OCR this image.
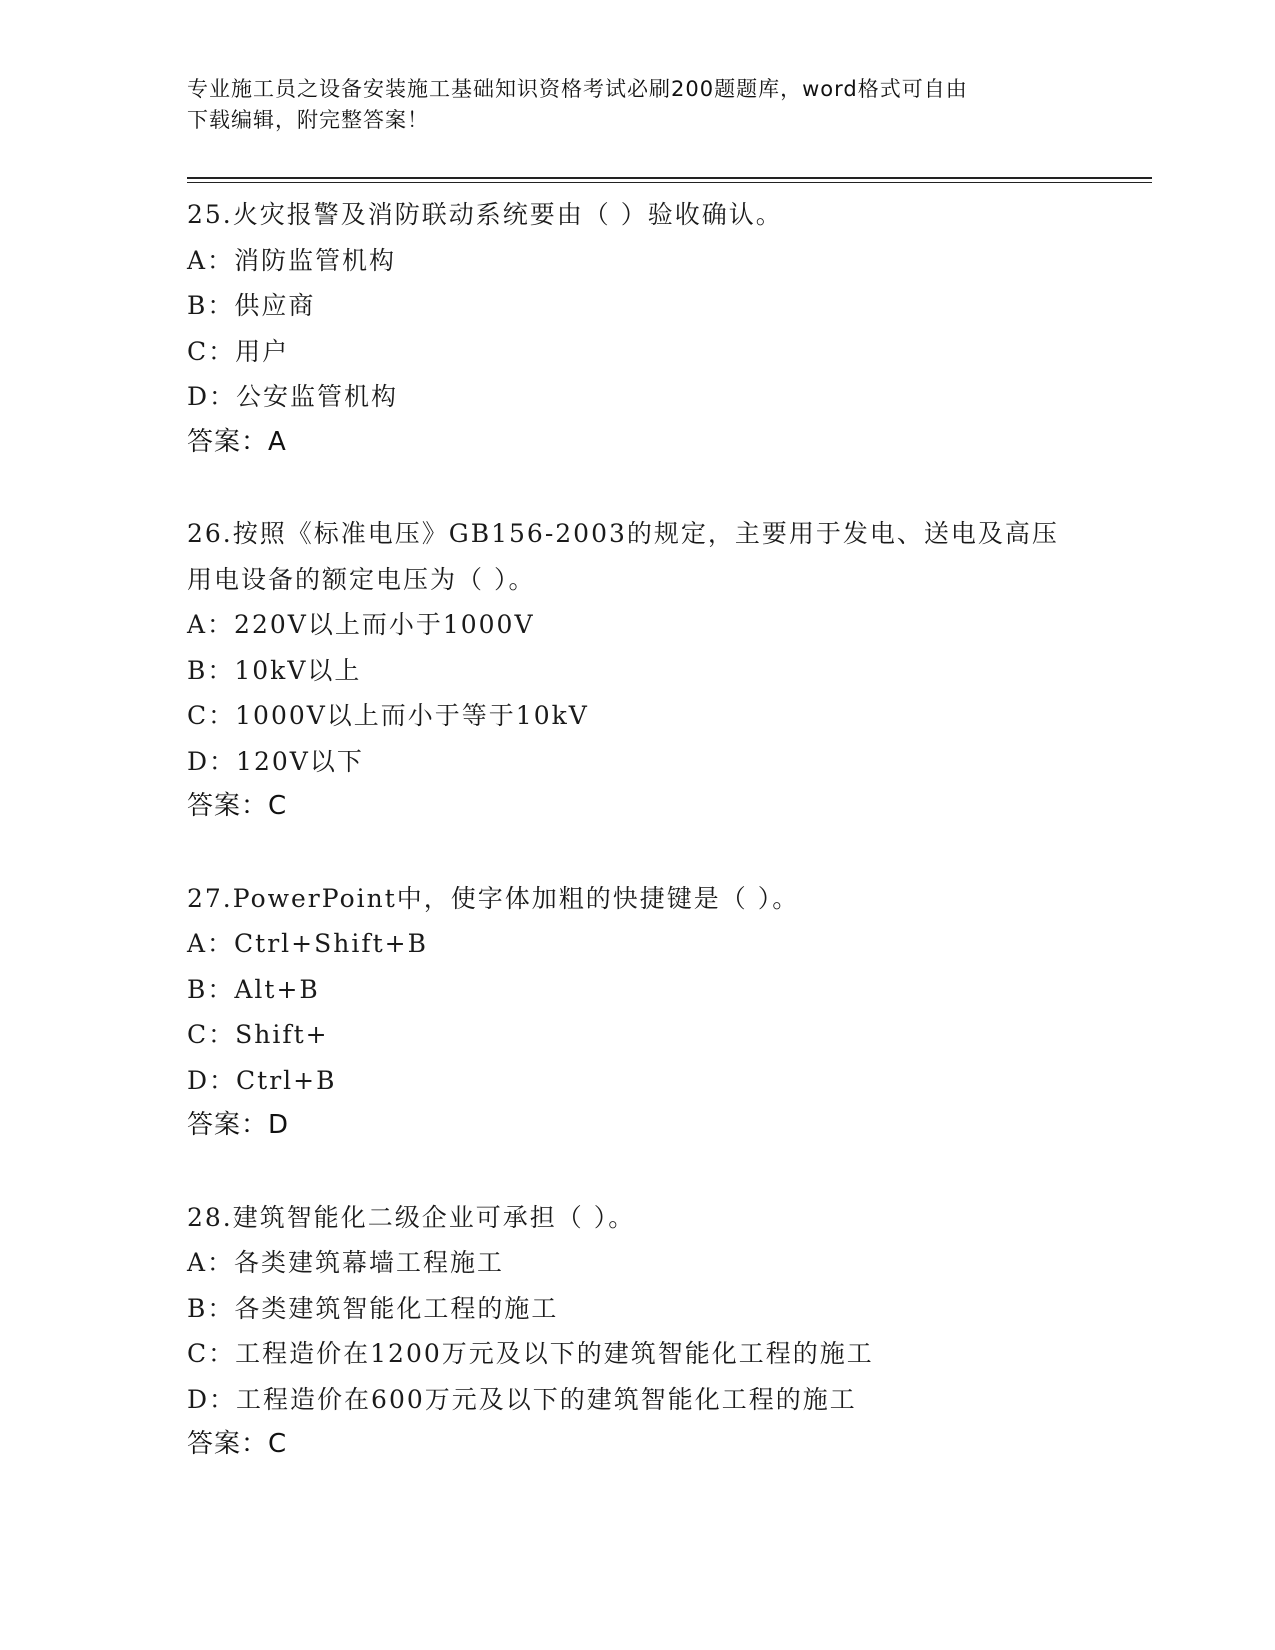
专业施工员之设备安装施工基础知识资格考试必刷200题题库，word格式可自由
下载编辑，附完整答案！
25.火灾报警及消防联动系统要由（ ）验收确认。
A：消防监管机构
B：供应商
C：用户
D：公安监管机构
答案：A
26.按照《标准电压》GB156-2003的规定，主要用于发电、送电及高压
用电设备的额定电压为（ ）。
A：220V以上而小于1000V
B：10kV以上
C：1000V以上而小于等于10kV
D：120V以下
答案：C
27.PowerPoint中，使字体加粗的快捷键是（ ）。
A：Ctrl+Shift+B
B：Alt+B
C：Shift+
D：Ctrl+B
答案：D
28.建筑智能化二级企业可承担（ ）。
A：各类建筑幕墙工程施工
B：各类建筑智能化工程的施工
C：工程造价在1200万元及以下的建筑智能化工程的施工
D：工程造价在600万元及以下的建筑智能化工程的施工
答案：C
